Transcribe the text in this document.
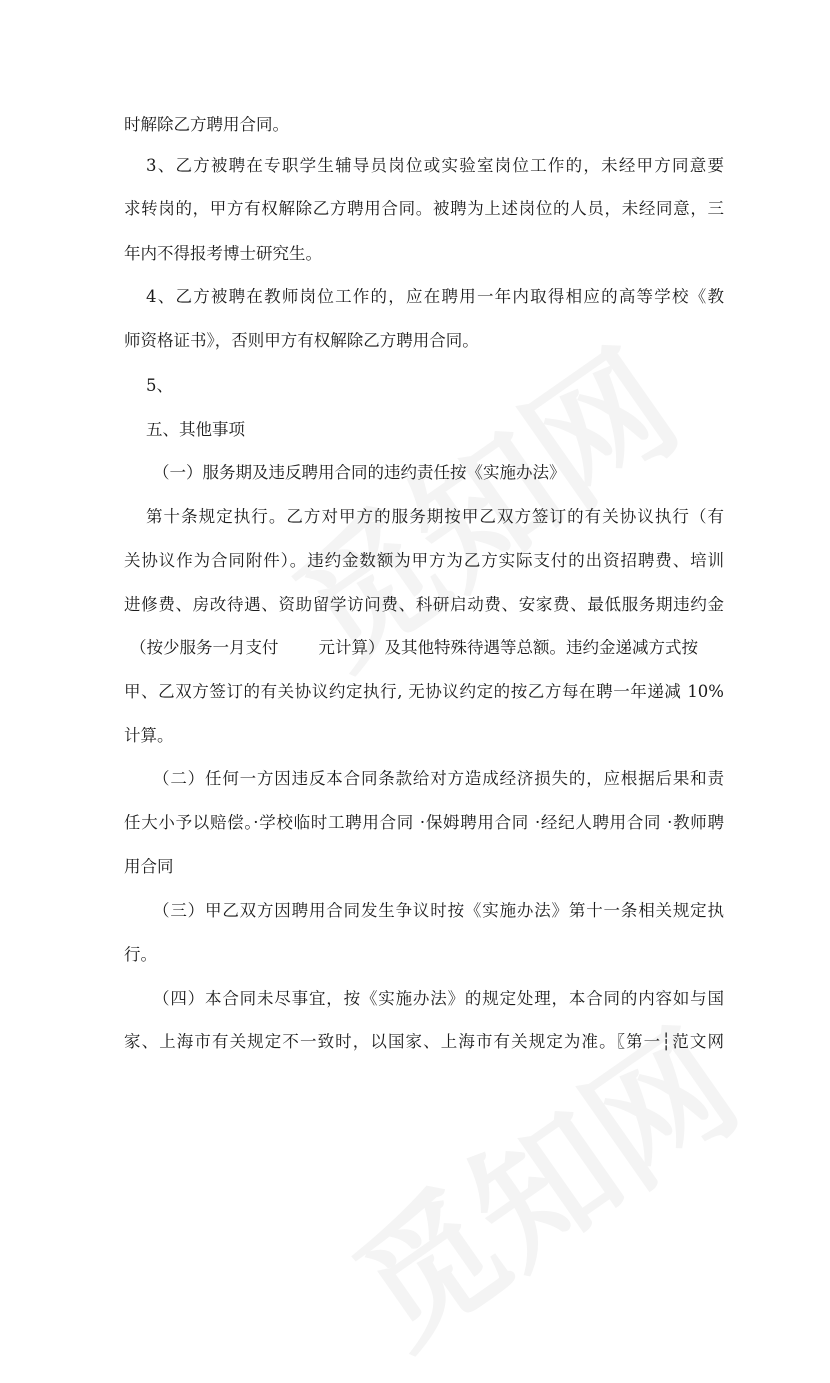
时解除乙方聘用合同。
3、乙方被聘在专职学生辅导员岗位或实验室岗位工作的，未经甲方同意要
求转岗的，甲方有权解除乙方聘用合同。被聘为上述岗位的人员，未经同意，三
年内不得报考博士研究生。
4、乙方被聘在教师岗位工作的，应在聘用一年内取得相应的高等学校《教
师资格证书》，否则甲方有权解除乙方聘用合同。
5、
五、其他事项
（一）服务期及违反聘用合同的违约责任按《实施办法》
第十条规定执行。乙方对甲方的服务期按甲乙双方签订的有关协议执行（有
关协议作为合同附件）。违约金数额为甲方为乙方实际支付的出资招聘费、培训
进修费、房改待遇、资助留学访问费、科研启动费、安家费、最低服务期违约金
（按少服务一月支付 元计算）及其他特殊待遇等总额。违约金递减方式按
甲、乙双方签订的有关协议约定执行, 无协议约定的按乙方每在聘一年递减 10%
计算。
（二）任何一方因违反本合同条款给对方造成经济损失的，应根据后果和责
任大小予以赔偿。·学校临时工聘用合同 ·保姆聘用合同 ·经纪人聘用合同 ·教师聘
用合同
（三）甲乙双方因聘用合同发生争议时按《实施办法》第十一条相关规定执
行。
（四）本合同未尽事宜，按《实施办法》的规定处理，本合同的内容如与国
家、上海市有关规定不一致时，以国家、上海市有关规定为准。〖第一┆范文网
